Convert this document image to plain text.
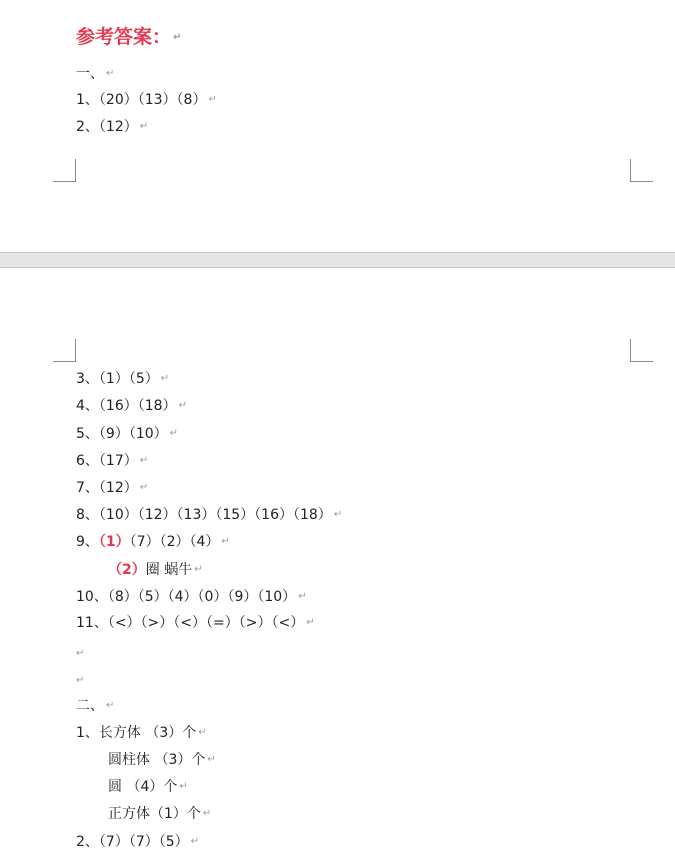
参考答案： ↵
一、 ↵
1、（20）（13）（8） ↵
2、（12） ↵
3、（1）（5） ↵
4、（16）（18） ↵
5、（9）（10） ↵
6、（17） ↵
7、（12） ↵
8、（10）（12）（13）（15）（16）（18） ↵
9、（1）（7）（2）（4） ↵
（2）圈 蜗牛 ↵
10、（8）（5）（4）（0）（9）（10） ↵
11、（<）（>）（<）（=）（>）（<） ↵
↵
↵
二、 ↵
1、长方体 （3）个 ↵
圆柱体 （3）个 ↵
圆 （4）个 ↵
正方体（1）个 ↵
2、（7）（7）（5） ↵
